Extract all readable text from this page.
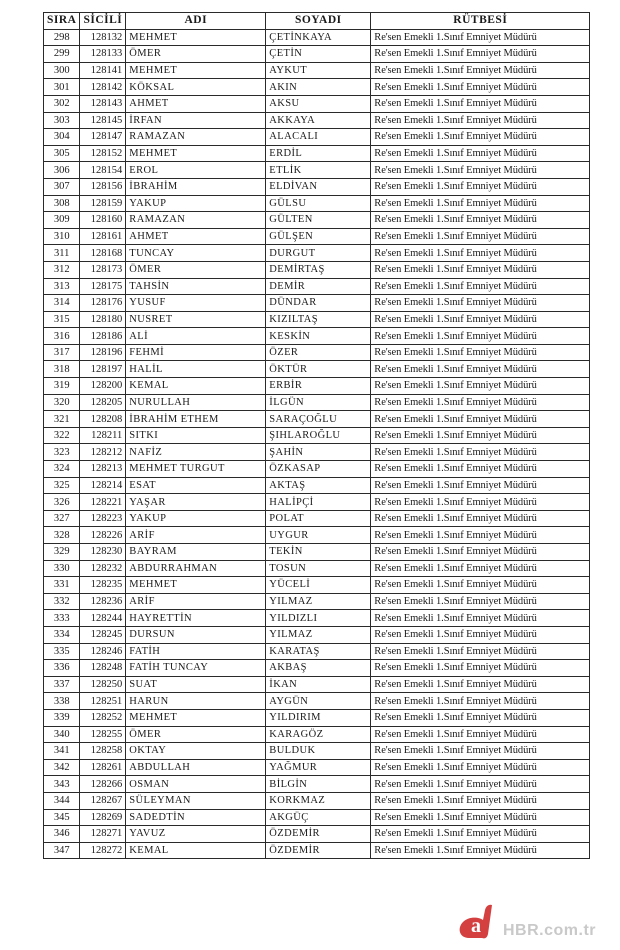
SIRA	SİCİLİ	ADI	SOYADI	RÜTBESİ
298	128132	MEHMET	ÇETİNKAYA	Re'sen Emekli 1.Sınıf Emniyet Müdürü
299	128133	ÖMER	ÇETİN	Re'sen Emekli 1.Sınıf Emniyet Müdürü
300	128141	MEHMET	AYKUT	Re'sen Emekli 1.Sınıf Emniyet Müdürü
301	128142	KÖKSAL	AKIN	Re'sen Emekli 1.Sınıf Emniyet Müdürü
302	128143	AHMET	AKSU	Re'sen Emekli 1.Sınıf Emniyet Müdürü
303	128145	İRFAN	AKKAYA	Re'sen Emekli 1.Sınıf Emniyet Müdürü
304	128147	RAMAZAN	ALACALI	Re'sen Emekli 1.Sınıf Emniyet Müdürü
305	128152	MEHMET	ERDİL	Re'sen Emekli 1.Sınıf Emniyet Müdürü
306	128154	EROL	ETLİK	Re'sen Emekli 1.Sınıf Emniyet Müdürü
307	128156	İBRAHİM	ELDİVAN	Re'sen Emekli 1.Sınıf Emniyet Müdürü
308	128159	YAKUP	GÜLSU	Re'sen Emekli 1.Sınıf Emniyet Müdürü
309	128160	RAMAZAN	GÜLTEN	Re'sen Emekli 1.Sınıf Emniyet Müdürü
310	128161	AHMET	GÜLŞEN	Re'sen Emekli 1.Sınıf Emniyet Müdürü
311	128168	TUNCAY	DURGUT	Re'sen Emekli 1.Sınıf Emniyet Müdürü
312	128173	ÖMER	DEMİRTAŞ	Re'sen Emekli 1.Sınıf Emniyet Müdürü
313	128175	TAHSİN	DEMİR	Re'sen Emekli 1.Sınıf Emniyet Müdürü
314	128176	YUSUF	DÜNDAR	Re'sen Emekli 1.Sınıf Emniyet Müdürü
315	128180	NUSRET	KIZILTAŞ	Re'sen Emekli 1.Sınıf Emniyet Müdürü
316	128186	ALİ	KESKİN	Re'sen Emekli 1.Sınıf Emniyet Müdürü
317	128196	FEHMİ	ÖZER	Re'sen Emekli 1.Sınıf Emniyet Müdürü
318	128197	HALİL	ÖKTÜR	Re'sen Emekli 1.Sınıf Emniyet Müdürü
319	128200	KEMAL	ERBİR	Re'sen Emekli 1.Sınıf Emniyet Müdürü
320	128205	NURULLAH	İLGÜN	Re'sen Emekli 1.Sınıf Emniyet Müdürü
321	128208	İBRAHİM ETHEM	SARAÇOĞLU	Re'sen Emekli 1.Sınıf Emniyet Müdürü
322	128211	SITKI	ŞIHLAROĞLU	Re'sen Emekli 1.Sınıf Emniyet Müdürü
323	128212	NAFİZ	ŞAHİN	Re'sen Emekli 1.Sınıf Emniyet Müdürü
324	128213	MEHMET TURGUT	ÖZKASAP	Re'sen Emekli 1.Sınıf Emniyet Müdürü
325	128214	ESAT	AKTAŞ	Re'sen Emekli 1.Sınıf Emniyet Müdürü
326	128221	YAŞAR	HALİPÇİ	Re'sen Emekli 1.Sınıf Emniyet Müdürü
327	128223	YAKUP	POLAT	Re'sen Emekli 1.Sınıf Emniyet Müdürü
328	128226	ARİF	UYGUR	Re'sen Emekli 1.Sınıf Emniyet Müdürü
329	128230	BAYRAM	TEKİN	Re'sen Emekli 1.Sınıf Emniyet Müdürü
330	128232	ABDURRAHMAN	TOSUN	Re'sen Emekli 1.Sınıf Emniyet Müdürü
331	128235	MEHMET	YÜCELİ	Re'sen Emekli 1.Sınıf Emniyet Müdürü
332	128236	ARİF	YILMAZ	Re'sen Emekli 1.Sınıf Emniyet Müdürü
333	128244	HAYRETTİN	YILDIZLI	Re'sen Emekli 1.Sınıf Emniyet Müdürü
334	128245	DURSUN	YILMAZ	Re'sen Emekli 1.Sınıf Emniyet Müdürü
335	128246	FATİH	KARATAŞ	Re'sen Emekli 1.Sınıf Emniyet Müdürü
336	128248	FATİH TUNCAY	AKBAŞ	Re'sen Emekli 1.Sınıf Emniyet Müdürü
337	128250	SUAT	İKAN	Re'sen Emekli 1.Sınıf Emniyet Müdürü
338	128251	HARUN	AYGÜN	Re'sen Emekli 1.Sınıf Emniyet Müdürü
339	128252	MEHMET	YILDIRIM	Re'sen Emekli 1.Sınıf Emniyet Müdürü
340	128255	ÖMER	KARAGÖZ	Re'sen Emekli 1.Sınıf Emniyet Müdürü
341	128258	OKTAY	BULDUK	Re'sen Emekli 1.Sınıf Emniyet Müdürü
342	128261	ABDULLAH	YAĞMUR	Re'sen Emekli 1.Sınıf Emniyet Müdürü
343	128266	OSMAN	BİLGİN	Re'sen Emekli 1.Sınıf Emniyet Müdürü
344	128267	SÜLEYMAN	KORKMAZ	Re'sen Emekli 1.Sınıf Emniyet Müdürü
345	128269	SADEDTİN	AKGÜÇ	Re'sen Emekli 1.Sınıf Emniyet Müdürü
346	128271	YAVUZ	ÖZDEMİR	Re'sen Emekli 1.Sınıf Emniyet Müdürü
347	128272	KEMAL	ÖZDEMİR	Re'sen Emekli 1.Sınıf Emniyet Müdürü
a HBR.com.tr
